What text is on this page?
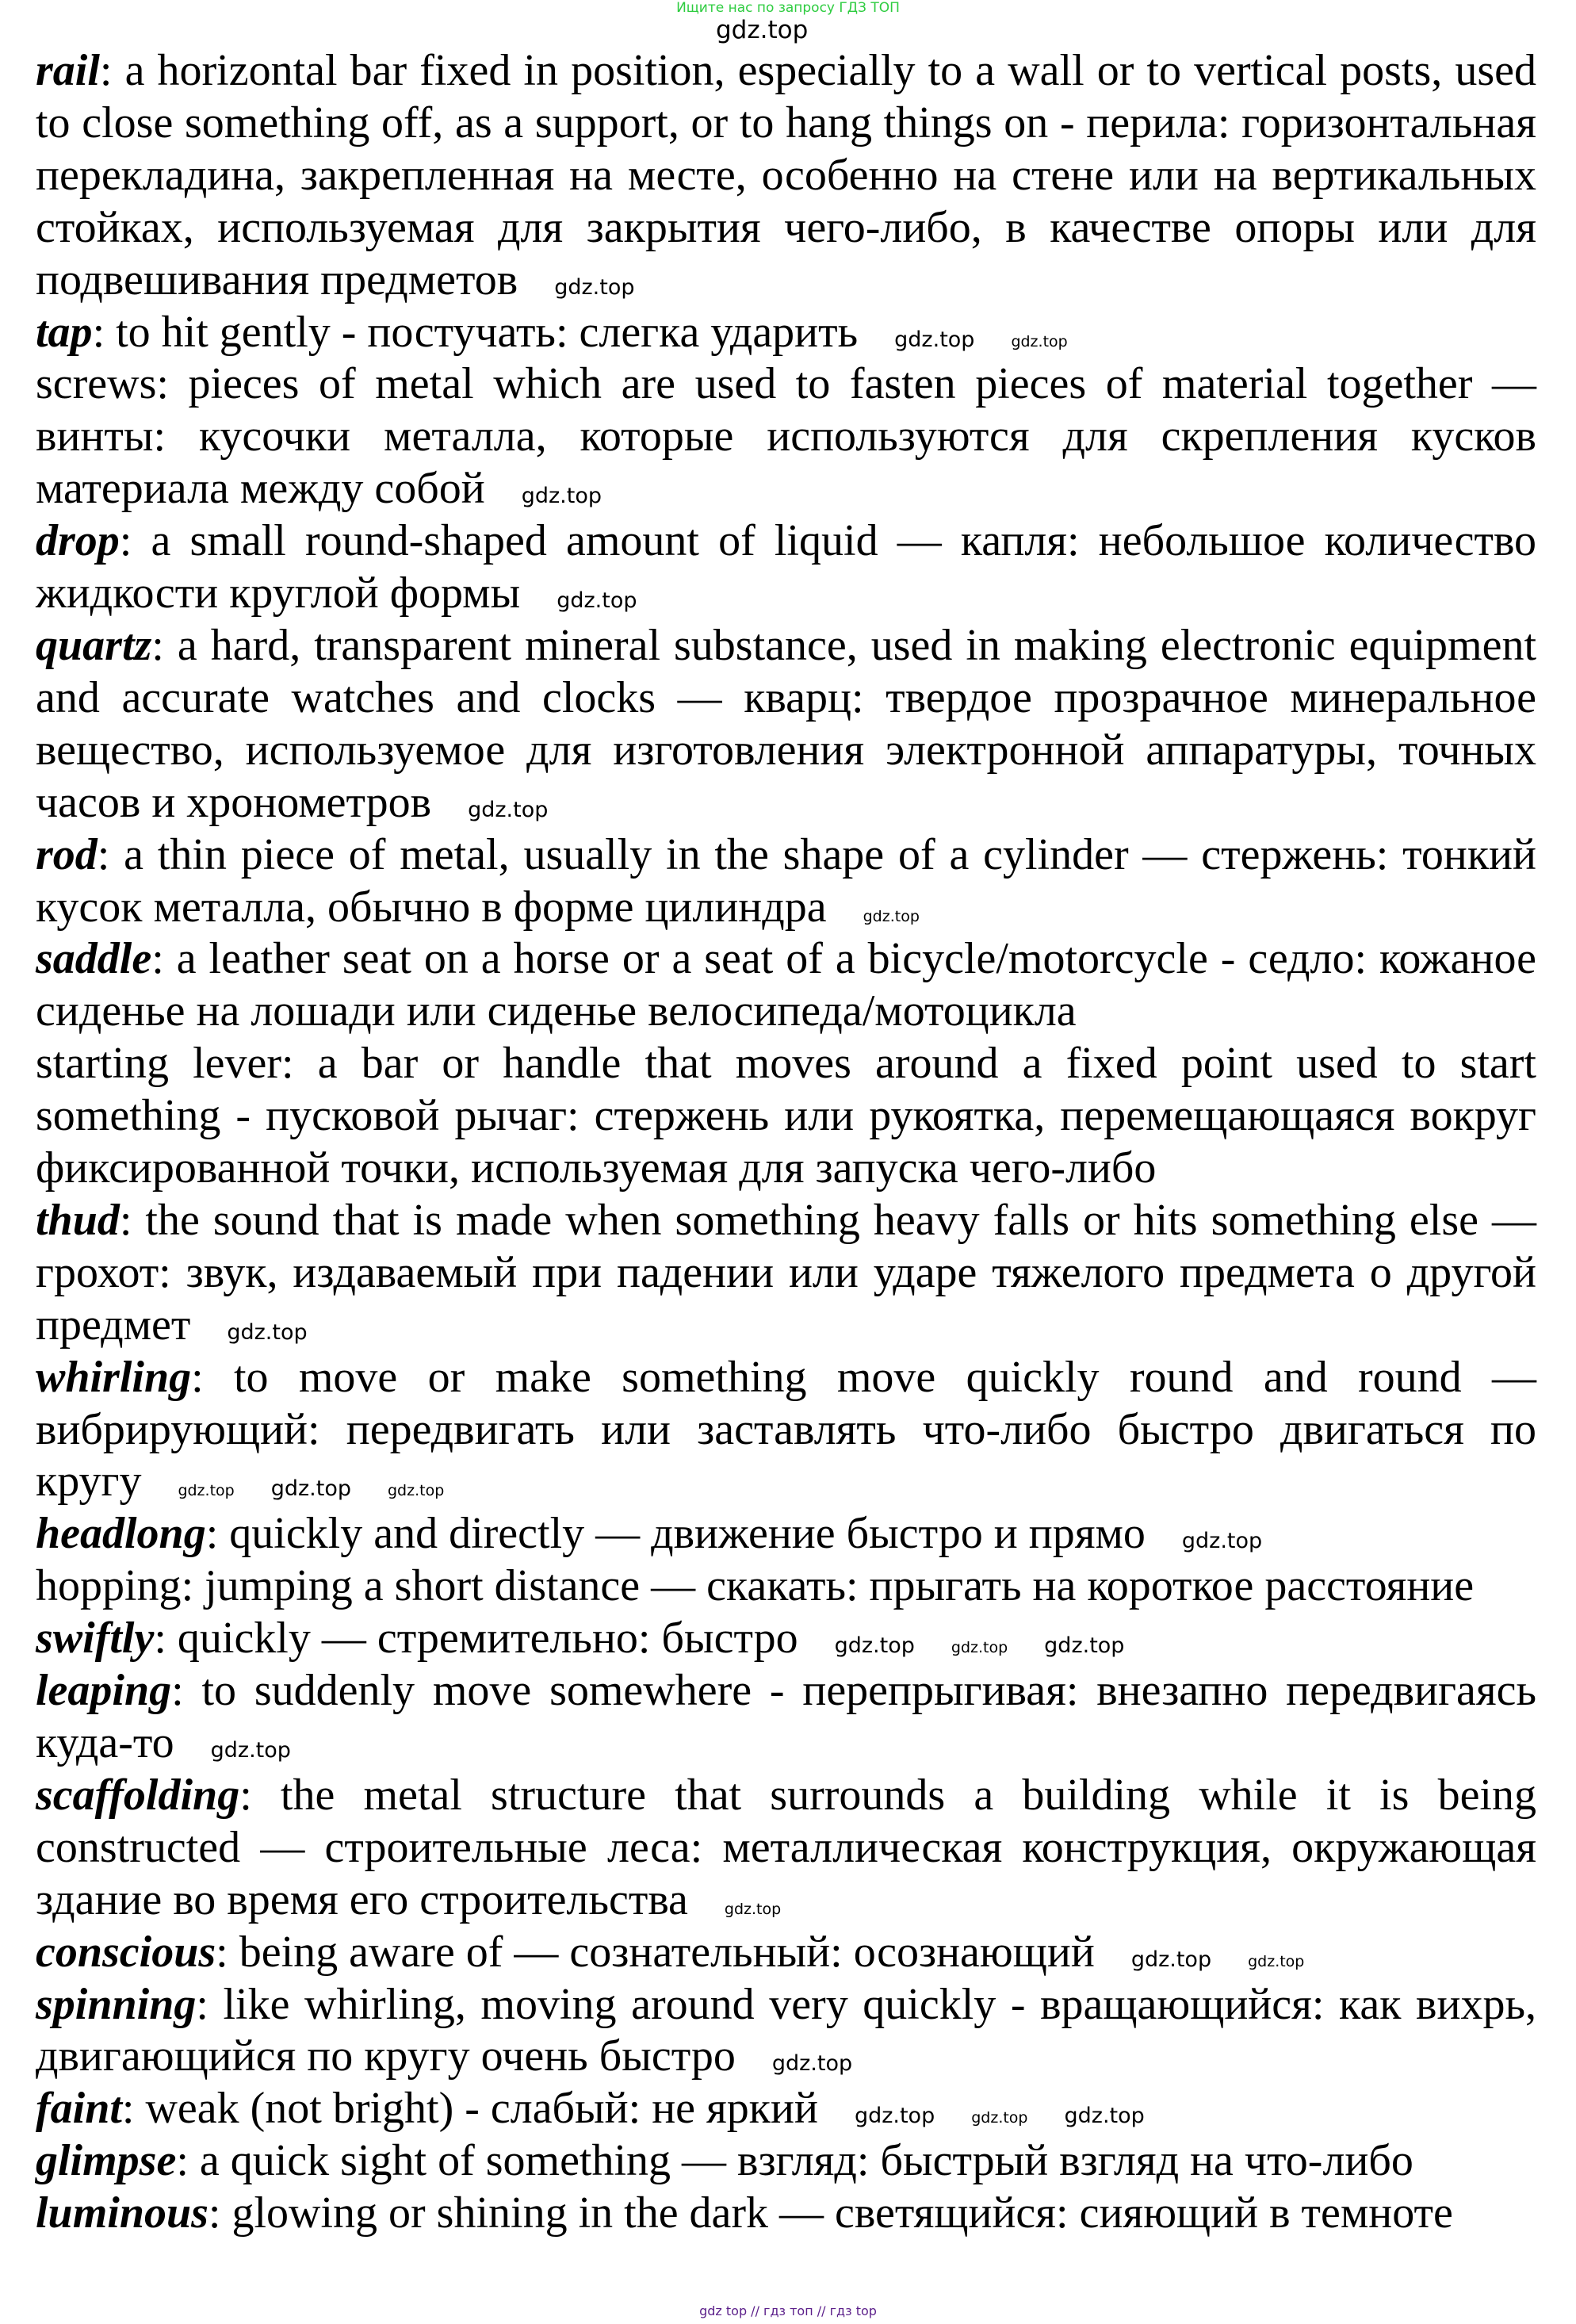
Ищите нас по запросу ГДЗ ТОП
gdz.top

rail: a horizontal bar fixed in position, especially to a wall or to vertical posts, used to close something off, as a support, or to hang things on - перила: горизонтальная перекладина, закрепленная на месте, особенно на стене или на вертикальных стойках, используемая для закрытия чего-либо, в качестве опоры или для подвешивания предметов gdz.top

tap: to hit gently - постучать: слегка ударить gdz.top gdz.top

screws: pieces of metal which are used to fasten pieces of material together — винты: кусочки металла, которые используются для скрепления кусков материала между собой gdz.top

drop: a small round-shaped amount of liquid — капля: небольшое количество жидкости круглой формы gdz.top

quartz: a hard, transparent mineral substance, used in making electronic equipment and accurate watches and clocks — кварц: твердое прозрачное минеральное вещество, используемое для изготовления электронной аппаратуры, точных часов и хронометров gdz.top

rod: a thin piece of metal, usually in the shape of a cylinder — стержень: тонкий кусок металла, обычно в форме цилиндра gdz.top

saddle: a leather seat on a horse or a seat of a bicycle/motorcycle - седло: кожаное сиденье на лошади или сиденье велосипеда/мотоцикла

starting lever: a bar or handle that moves around a fixed point used to start something - пусковой рычаг: стержень или рукоятка, перемещающаяся вокруг фиксированной точки, используемая для запуска чего-либо

thud: the sound that is made when something heavy falls or hits something else — грохот: звук, издаваемый при падении или ударе тяжелого предмета о другой предмет gdz.top

whirling: to move or make something move quickly round and round — вибрирующий: передвигать или заставлять что-либо быстро двигаться по кругу gdz.top gdz.top gdz.top

headlong: quickly and directly — движение быстро и прямо gdz.top

hopping: jumping a short distance — скакать: прыгать на короткое расстояние

swiftly: quickly — стремительно: быстро gdz.top gdz.top gdz.top

leaping: to suddenly move somewhere - перепрыгивая: внезапно передвигаясь куда-то gdz.top

scaffolding: the metal structure that surrounds a building while it is being constructed — строительные леса: металлическая конструкция, окружающая здание во время его строительства gdz.top

conscious: being aware of — сознательный: осознающий gdz.top gdz.top

spinning: like whirling, moving around very quickly - вращающийся: как вихрь, двигающийся по кругу очень быстро gdz.top

faint: weak (not bright) - слабый: не яркий gdz.top gdz.top gdz.top

glimpse: a quick sight of something — взгляд: быстрый взгляд на что-либо

luminous: glowing or shining in the dark — светящийся: сияющий в темноте

gdz top // гдз топ // гдз top
